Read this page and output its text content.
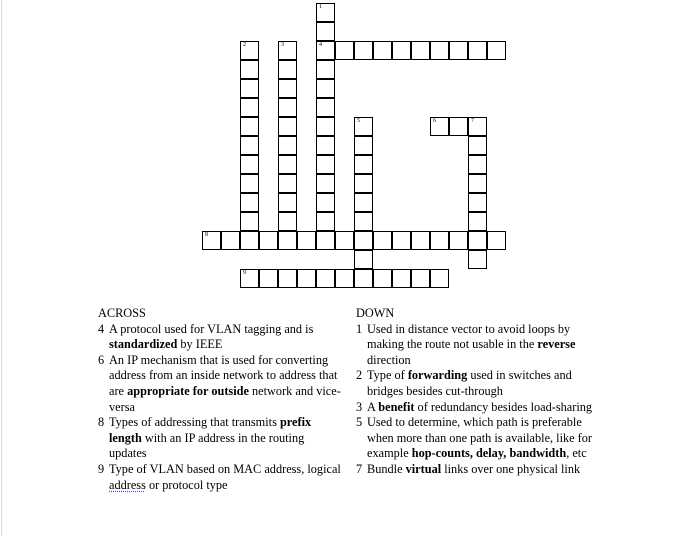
1
4
2	3
5	6	7
8
9
ACROSS
4 A protocol used for VLAN tagging and is standardized by IEEE
6 An IP mechanism that is used for converting address from an inside network to address that are appropriate for outside network and vice-versa
8 Types of addressing that transmits prefix length with an IP address in the routing updates
9 Type of VLAN based on MAC address, logical address or protocol type
DOWN
1 Used in distance vector to avoid loops by making the route not usable in the reverse direction
2 Type of forwarding used in switches and bridges besides cut-through
3 A benefit of redundancy besides load-sharing
5 Used to determine, which path is preferable when more than one path is available, like for example hop-counts, delay, bandwidth, etc
7 Bundle virtual links over one physical link
